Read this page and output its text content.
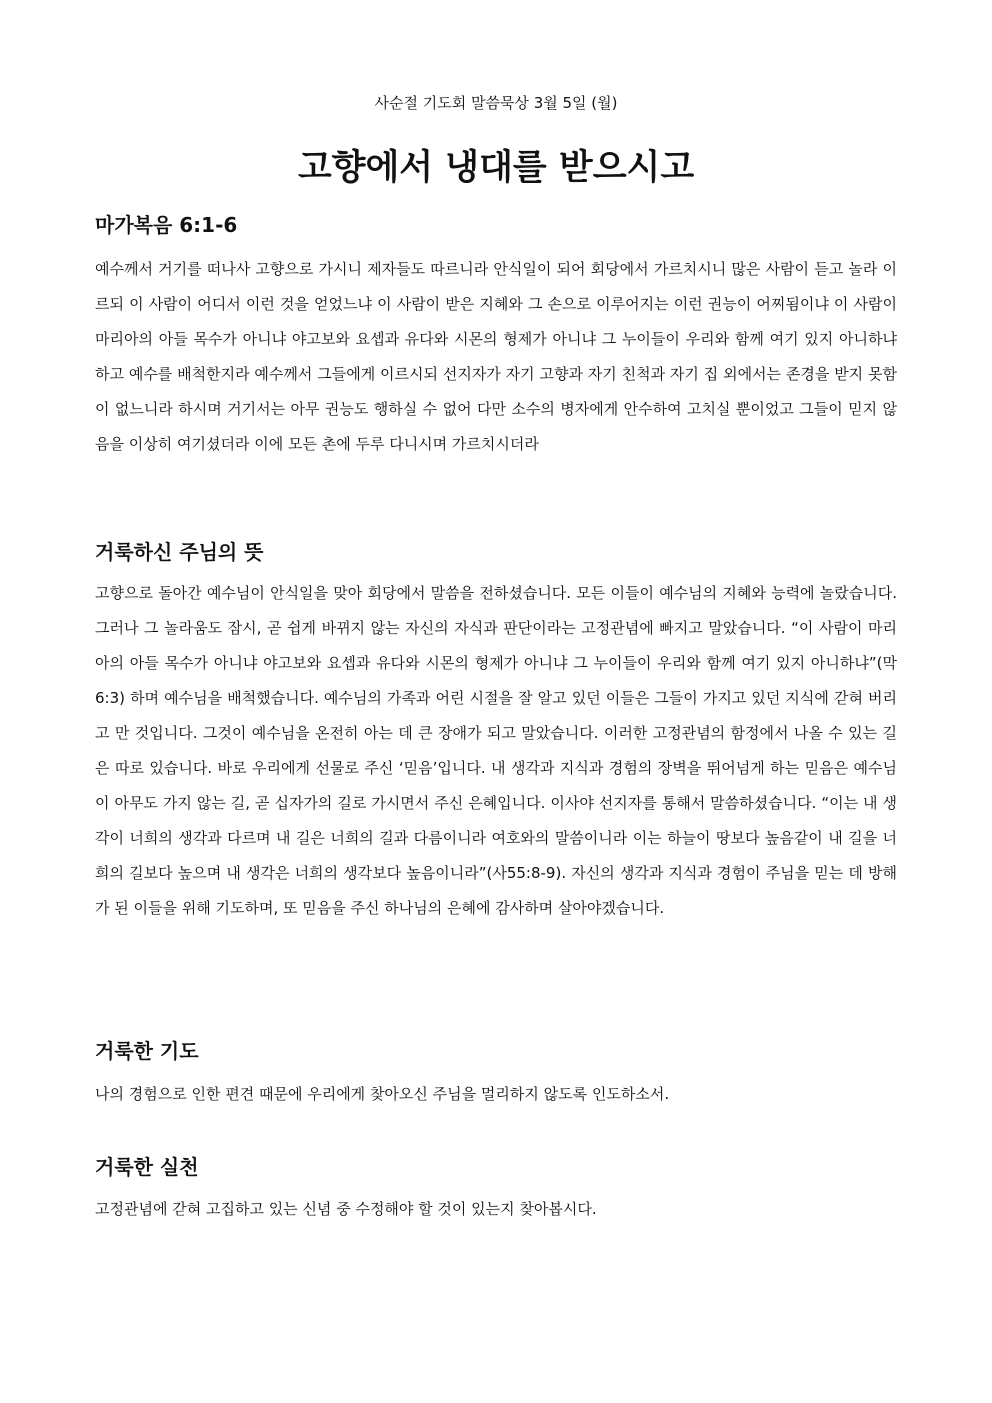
사순절 기도회 말씀묵상 3월 5일 (월)
고향에서 냉대를 받으시고
마가복음 6:1-6

예수께서 거기를 떠나사 고향으로 가시니 제자들도 따르니라 안식일이 되어 회당에서 가르치시니 많은 사람이 듣고 놀라 이르되 이 사람이 어디서 이런 것을 얻었느냐 이 사람이 받은 지혜와 그 손으로 이루어지는 이런 권능이 어찌됨이냐 이 사람이 마리아의 아들 목수가 아니냐 야고보와 요셉과 유다와 시몬의 형제가 아니냐 그 누이들이 우리와 함께 여기 있지 아니하냐 하고 예수를 배척한지라 예수께서 그들에게 이르시되 선지자가 자기 고향과 자기 친척과 자기 집 외에서는 존경을 받지 못함이 없느니라 하시며 거기서는 아무 권능도 행하실 수 없어 다만 소수의 병자에게 안수하여 고치실 뿐이었고 그들이 믿지 않음을 이상히 여기셨더라 이에 모든 촌에 두루 다니시며 가르치시더라

거룩하신 주님의 뜻

고향으로 돌아간 예수님이 안식일을 맞아 회당에서 말씀을 전하셨습니다. 모든 이들이 예수님의 지혜와 능력에 놀랐습니다. 그러나 그 놀라움도 잠시, 곧 쉽게 바뀌지 않는 자신의 자식과 판단이라는 고정관념에 빠지고 말았습니다. “이 사람이 마리아의 아들 목수가 아니냐 야고보와 요셉과 유다와 시몬의 형제가 아니냐 그 누이들이 우리와 함께 여기 있지 아니하냐”(막6:3) 하며 예수님을 배척했습니다. 예수님의 가족과 어린 시절을 잘 알고 있던 이들은 그들이 가지고 있던 지식에 갇혀 버리고 만 것입니다. 그것이 예수님을 온전히 아는 데 큰 장애가 되고 말았습니다. 이러한 고정관념의 함정에서 나올 수 있는 길은 따로 있습니다. 바로 우리에게 선물로 주신 ‘믿음’입니다. 내 생각과 지식과 경험의 장벽을 뛰어넘게 하는 믿음은 예수님이 아무도 가지 않는 길, 곧 십자가의 길로 가시면서 주신 은혜입니다. 이사야 선지자를 통해서 말씀하셨습니다. “이는 내 생각이 너희의 생각과 다르며 내 길은 너희의 길과 다름이니라 여호와의 말씀이니라 이는 하늘이 땅보다 높음같이 내 길을 너희의 길보다 높으며 내 생각은 너희의 생각보다 높음이니라”(사55:8-9). 자신의 생각과 지식과 경험이 주님을 믿는 데 방해가 된 이들을 위해 기도하며, 또 믿음을 주신 하나님의 은혜에 감사하며 살아야겠습니다.

거룩한 기도

나의 경험으로 인한 편견 때문에 우리에게 찾아오신 주님을 멀리하지 않도록 인도하소서.

거룩한 실천

고정관념에 갇혀 고집하고 있는 신념 중 수정해야 할 것이 있는지 찾아봅시다.
